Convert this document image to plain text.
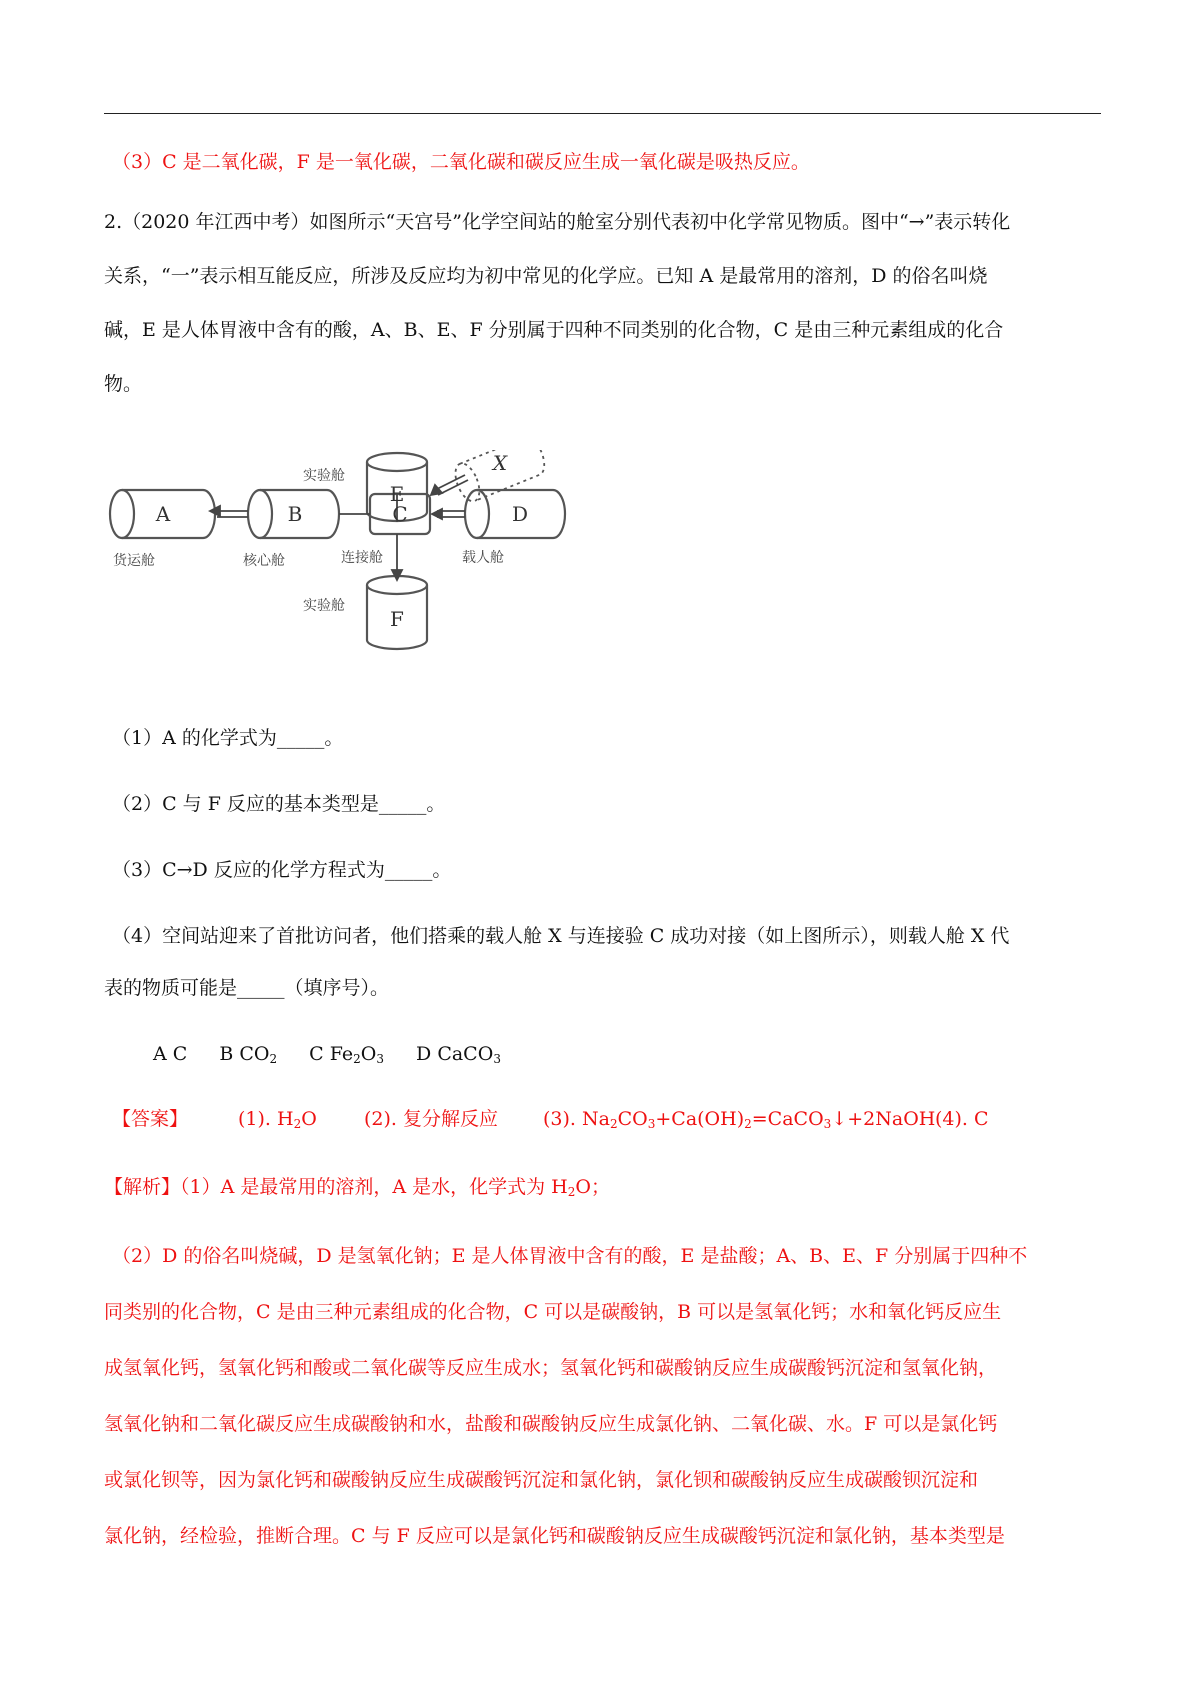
（3）C 是二氧化碳，F 是一氧化碳，二氧化碳和碳反应生成一氧化碳是吸热反应。
2.（2020 年江西中考）如图所示“天宫号”化学空间站的舱室分别代表初中化学常见物质。图中“→”表示转化
关系，“一”表示相互能反应，所涉及反应均为初中常见的化学应。已知 A 是最常用的溶剂，D 的俗名叫烧
碱，E 是人体胃液中含有的酸，A、B、E、F 分别属于四种不同类别的化合物，C 是由三种元素组成的化合
物。
E
F
A	B	C	D
X
实验舱
实验舱
货运舱	核心舱	连接舱	载人舱
（1）A 的化学式为_____。
（2）C 与 F 反应的基本类型是_____。
（3）C→D 反应的化学方程式为_____。
（4）空间站迎来了首批访问者，他们搭乘的载人舱 X 与连接验 C 成功对接（如上图所示），则载人舱 X 代
表的物质可能是_____（填序号）。
A C B $CO_2$ C $Fe_2O_3$ D CaCO$_3$
【答案】	(1). $H_2O$ (2). 复分解反应 (3). $Na_2CO_3+Ca(OH)_2=CaCO_3↓+2NaOH$ (4). C
【解析】（1）A 是最常用的溶剂，A 是水，化学式为 $H_2O$；
（2）D 的俗名叫烧碱，D 是氢氧化钠；E 是人体胃液中含有的酸，E 是盐酸；A、B、E、F 分别属于四种不
同类别的化合物，C 是由三种元素组成的化合物，C 可以是碳酸钠，B 可以是氢氧化钙；水和氧化钙反应生
成氢氧化钙，氢氧化钙和酸或二氧化碳等反应生成水；氢氧化钙和碳酸钠反应生成碳酸钙沉淀和氢氧化钠，
氢氧化钠和二氧化碳反应生成碳酸钠和水，盐酸和碳酸钠反应生成氯化钠、二氧化碳、水。F 可以是氯化钙
或氯化钡等，因为氯化钙和碳酸钠反应生成碳酸钙沉淀和氯化钠，氯化钡和碳酸钠反应生成碳酸钡沉淀和
氯化钠，经检验，推断合理。C 与 F 反应可以是氯化钙和碳酸钠反应生成碳酸钙沉淀和氯化钠，基本类型是
